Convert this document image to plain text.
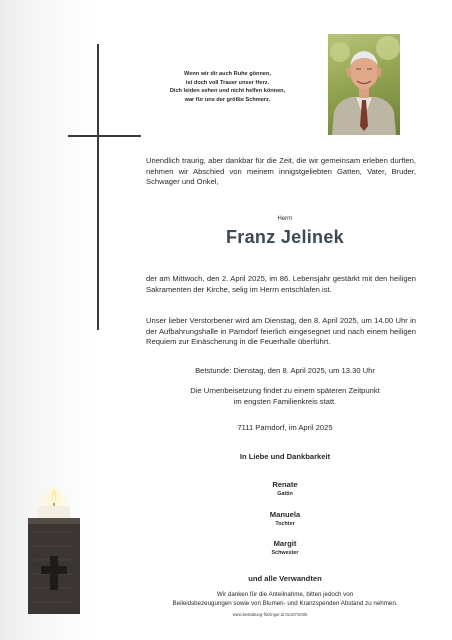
Wenn wir dir auch Ruhe gönnen,
ist doch voll Trauer unser Herz.
Dich leiden sehen und nicht helfen können,
war für uns der größte Schmerz.
Unendlich traurig, aber dankbar für die Zeit, die wir gemeinsam erleben durften, nehmen wir Abschied von meinem innigstgeliebten Gatten, Vater, Bruder, Schwager und Onkel,
Herrn
Franz Jelinek
der am Mittwoch, den 2. April 2025, im 86. Lebensjahr gestärkt mit den heiligen Sakramenten der Kirche, selig im Herrn entschlafen ist.
Unser lieber Verstorbener wird am Dienstag, den 8. April 2025, um 14.00 Uhr in der Aufbahrungshalle in Parndorf feierlich eingesegnet und nach einem heiligen Requiem zur Einäscherung in die Feuerhalle überführt.
Betstunde: Dienstag, den 8. April 2025, um 13.30 Uhr
Die Urnenbeisetzung findet zu einem späteren Zeitpunkt
im engsten Familienkreis statt.
7111 Parndorf, im April 2025
In Liebe und Dankbarkeit
Renate
Gattin
Manuela
Tochter
Margit
Schwester
und alle Verwandten
Wir danken für die Anteilnahme, bitten jedoch von
Beileidsbezeugungen sowie von Blumen- und Kranzspenden Abstand zu nehmen.
www.bestattung-fritzinger.at 02167/2005
